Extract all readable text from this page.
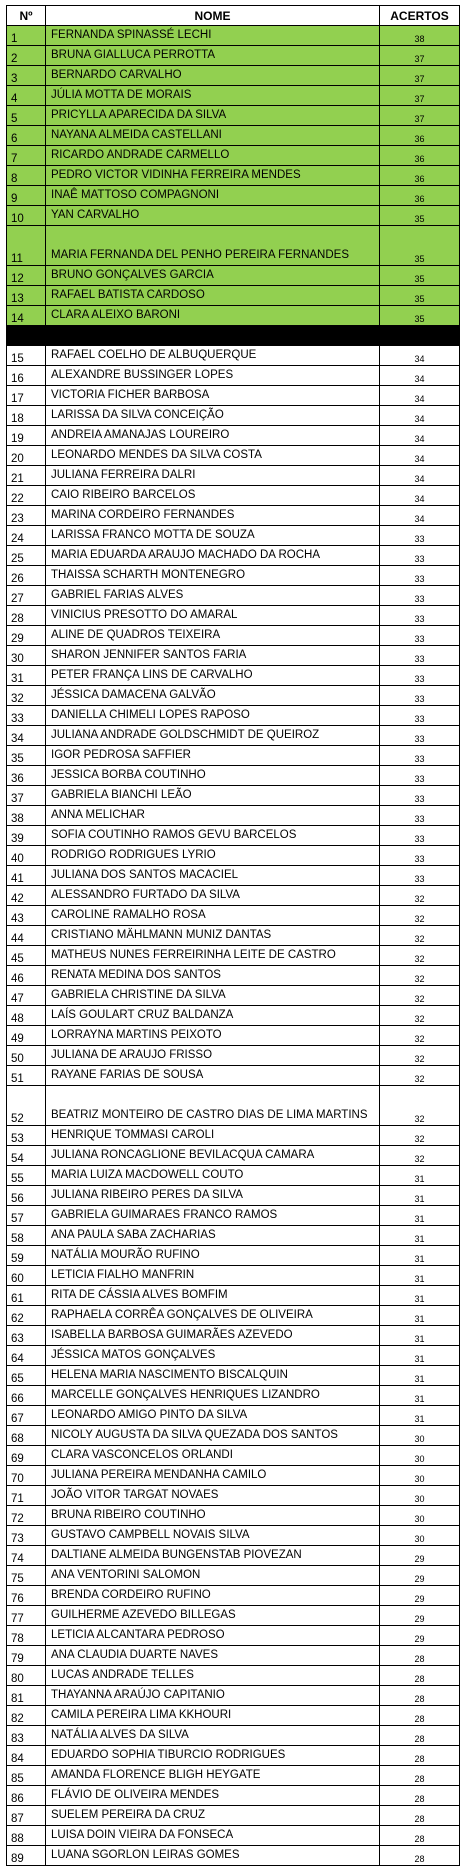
Nº	NOME	ACERTOS
1	FERNANDA SPINASSÉ LECHI	38
2	BRUNA GIALLUCA PERROTTA	37
3	BERNARDO CARVALHO	37
4	JÚLIA MOTTA DE MORAIS	37
5	PRICYLLA APARECIDA DA SILVA	37
6	NAYANA ALMEIDA CASTELLANI	36
7	RICARDO ANDRADE CARMELLO	36
8	PEDRO VICTOR VIDINHA FERREIRA MENDES	36
9	INAÊ MATTOSO COMPAGNONI	36
10	YAN CARVALHO	35
11	MARIA FERNANDA DEL PENHO PEREIRA FERNANDES	35
12	BRUNO GONÇALVES GARCIA	35
13	RAFAEL BATISTA CARDOSO	35
14	CLARA ALEIXO BARONI	35

15	RAFAEL COELHO DE ALBUQUERQUE	34
16	ALEXANDRE BUSSINGER LOPES	34
17	VICTORIA FICHER BARBOSA	34
18	LARISSA DA SILVA CONCEIÇÃO	34
19	ANDREIA AMANAJAS LOUREIRO	34
20	LEONARDO MENDES DA SILVA COSTA	34
21	JULIANA FERREIRA DALRI	34
22	CAIO RIBEIRO BARCELOS	34
23	MARINA CORDEIRO FERNANDES	34
24	LARISSA FRANCO MOTTA DE SOUZA	33
25	MARIA EDUARDA ARAUJO MACHADO DA ROCHA	33
26	THAISSA SCHARTH MONTENEGRO	33
27	GABRIEL FARIAS ALVES	33
28	VINICIUS PRESOTTO DO AMARAL	33
29	ALINE DE QUADROS TEIXEIRA	33
30	SHARON JENNIFER SANTOS FARIA	33
31	PETER FRANÇA LINS DE CARVALHO	33
32	JÉSSICA DAMACENA GALVÃO	33
33	DANIELLA CHIMELI LOPES RAPOSO	33
34	JULIANA ANDRADE GOLDSCHMIDT DE QUEIROZ	33
35	IGOR PEDROSA SAFFIER	33
36	JESSICA BORBA COUTINHO	33
37	GABRIELA BIANCHI LEÃO	33
38	ANNA MELICHAR	33
39	SOFIA COUTINHO RAMOS GEVU BARCELOS	33
40	RODRIGO RODRIGUES LYRIO	33
41	JULIANA DOS SANTOS MACACIEL	33
42	ALESSANDRO FURTADO DA SILVA	32
43	CAROLINE RAMALHO ROSA	32
44	CRISTIANO MÄHLMANN MUNIZ DANTAS	32
45	MATHEUS NUNES FERREIRINHA LEITE DE CASTRO	32
46	RENATA MEDINA DOS SANTOS	32
47	GABRIELA CHRISTINE DA SILVA	32
48	LAÍS GOULART CRUZ BALDANZA	32
49	LORRAYNA MARTINS PEIXOTO	32
50	JULIANA DE ARAUJO FRISSO	32
51	RAYANE FARIAS DE SOUSA	32
52	BEATRIZ MONTEIRO DE CASTRO DIAS DE LIMA MARTINS	32
53	HENRIQUE TOMMASI CAROLI	32
54	JULIANA RONCAGLIONE BEVILACQUA CAMARA	32
55	MARIA LUIZA MACDOWELL COUTO	31
56	JULIANA RIBEIRO PERES DA SILVA	31
57	GABRIELA GUIMARAES FRANCO RAMOS	31
58	ANA PAULA SABA ZACHARIAS	31
59	NATÁLIA MOURÃO RUFINO	31
60	LETICIA FIALHO MANFRIN	31
61	RITA DE CÁSSIA ALVES BOMFIM	31
62	RAPHAELA CORRÊA GONÇALVES DE OLIVEIRA	31
63	ISABELLA BARBOSA GUIMARÃES AZEVEDO	31
64	JÉSSICA MATOS GONÇALVES	31
65	HELENA MARIA NASCIMENTO BISCALQUIN	31
66	MARCELLE GONÇALVES HENRIQUES LIZANDRO	31
67	LEONARDO AMIGO PINTO DA SILVA	31
68	NICOLY AUGUSTA DA SILVA QUEZADA DOS SANTOS	30
69	CLARA VASCONCELOS ORLANDI	30
70	JULIANA PEREIRA MENDANHA CAMILO	30
71	JOÃO VITOR TARGAT NOVAES	30
72	BRUNA RIBEIRO COUTINHO	30
73	GUSTAVO CAMPBELL NOVAIS SILVA	30
74	DALTIANE ALMEIDA BUNGENSTAB PIOVEZAN	29
75	ANA VENTORINI SALOMON	29
76	BRENDA CORDEIRO RUFINO	29
77	GUILHERME AZEVEDO BILLEGAS	29
78	LETICIA ALCANTARA PEDROSO	29
79	ANA CLAUDIA DUARTE NAVES	28
80	LUCAS ANDRADE TELLES	28
81	THAYANNA ARAÚJO CAPITANIO	28
82	CAMILA PEREIRA LIMA KKHOURI	28
83	NATÁLIA ALVES DA SILVA	28
84	EDUARDO SOPHIA TIBURCIO RODRIGUES	28
85	AMANDA FLORENCE BLIGH HEYGATE	28
86	FLÁVIO DE OLIVEIRA MENDES	28
87	SUELEM PEREIRA DA CRUZ	28
88	LUISA DOIN VIEIRA DA FONSECA	28
89	LUANA SGORLON LEIRAS GOMES	28
